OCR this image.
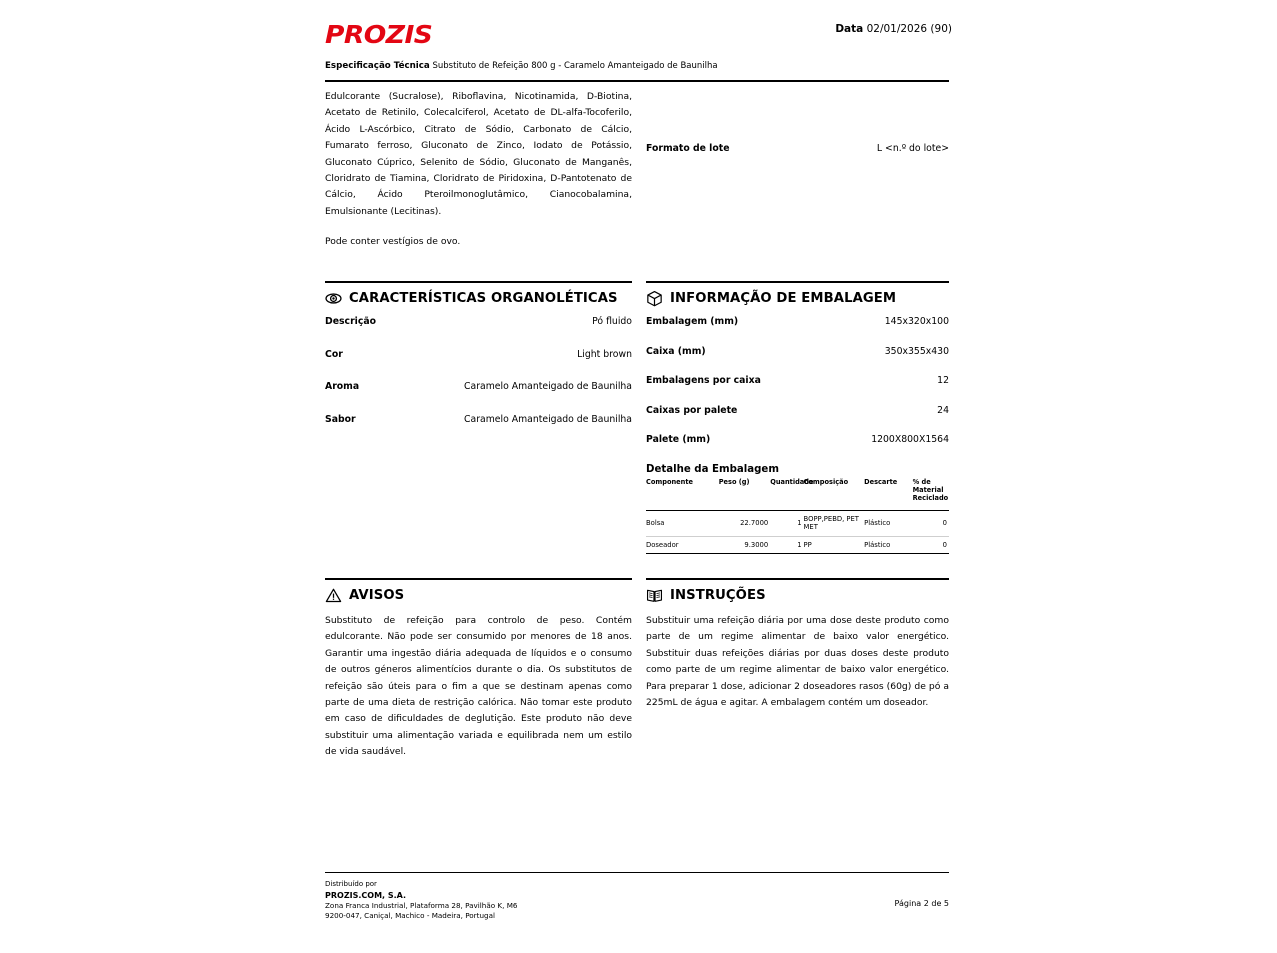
PROZIS	Data 02/01/2026 (90)
Especificação Técnica Substituto de Refeição 800 g - Caramelo Amanteigado de Baunilha
Edulcorante (Sucralose), Riboflavina, Nicotinamida, D-Biotina, Acetato de Retinilo, Colecalciferol, Acetato de DL-alfa-Tocoferilo, Ácido L-Ascórbico, Citrato de Sódio, Carbonato de Cálcio, Fumarato ferroso, Gluconato de Zinco, Iodato de Potássio, Gluconato Cúprico, Selenito de Sódio, Gluconato de Manganês, Cloridrato de Tiamina, Cloridrato de Piridoxina, D-Pantotenato de Cálcio, Ácido Pteroilmonoglutâmico, Cianocobalamina, Emulsionante (Lecitinas).
Pode conter vestígios de ovo.
CARACTERÍSTICAS ORGANOLÉTICAS
Descrição	Pó fluido
Cor	Light brown
Aroma	Caramelo Amanteigado de Baunilha
Sabor	Caramelo Amanteigado de Baunilha
AVISOS
Substituto de refeição para controlo de peso. Contém edulcorante. Não pode ser consumido por menores de 18 anos. Garantir uma ingestão diária adequada de líquidos e o consumo de outros géneros alimentícios durante o dia. Os substitutos de refeição são úteis para o fim a que se destinam apenas como parte de uma dieta de restrição calórica. Não tomar este produto em caso de dificuldades de deglutição. Este produto não deve substituir uma alimentação variada e equilibrada nem um estilo de vida saudável.
Formato de lote	L <n.º do lote>
INFORMAÇÃO DE EMBALAGEM
Embalagem (mm)	145x320x100
Caixa (mm)	350x355x430
Embalagens por caixa	12
Caixas por palete	24
Palete (mm)	1200X800X1564
Detalhe da Embalagem
Componente	Peso (g)	Quantidade	Composição	Descarte	% de Material Reciclado
Bolsa	22.7000	1	BOPP,PEBD, PET MET	Plástico	0
Doseador	9.3000	1	PP	Plástico	0
INSTRUÇÕES
Substituir uma refeição diária por uma dose deste produto como parte de um regime alimentar de baixo valor energético. Substituir duas refeições diárias por duas doses deste produto como parte de um regime alimentar de baixo valor energético. Para preparar 1 dose, adicionar 2 doseadores rasos (60g) de pó a 225mL de água e agitar. A embalagem contém um doseador.
Distribuído por
PROZIS.COM, S.A.
Zona Franca Industrial, Plataforma 28, Pavilhão K, M6
9200-047, Caniçal, Machico - Madeira, Portugal
Página 2 de 5
